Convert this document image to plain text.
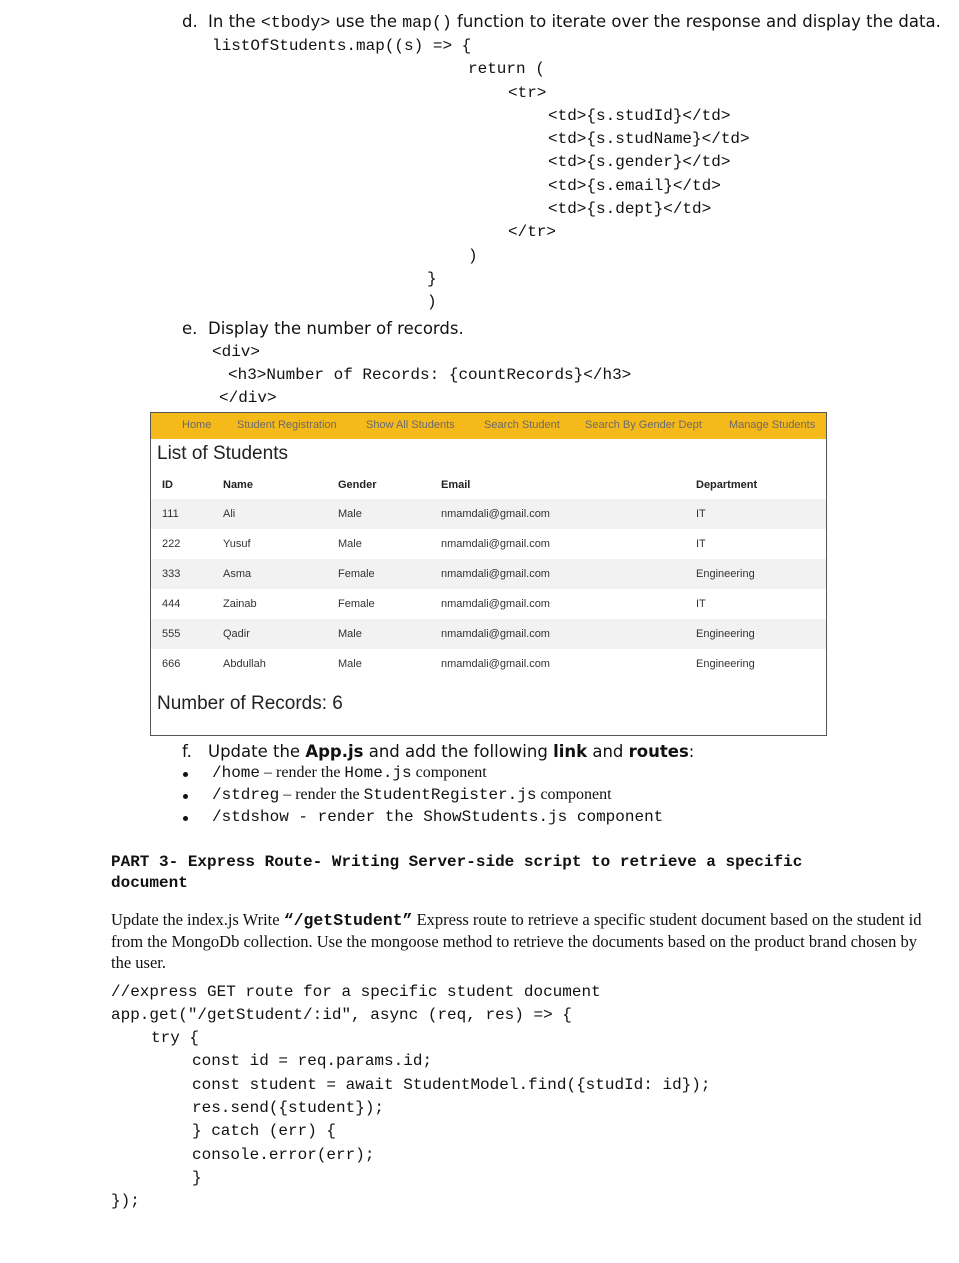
d. In the <tbody> use the map() function to iterate over the response and display the data.
listOfStudents.map((s) => {
return (
<tr>
<td>{s.studId}</td>
<td>{s.studName}</td>
<td>{s.gender}</td>
<td>{s.email}</td>
<td>{s.dept}</td>
</tr>
)
}
)
e. Display the number of records.
<div>
<h3>Number of Records: {countRecords}</h3>
</div>
Home Student Registration	Show All Students	Search Student Search By Gender Dept Manage Students
List of Students
ID	Name	Gender	Email	Department
111	Ali	Male	nmamdali@gmail.com	IT
222	Yusuf	Male	nmamdali@gmail.com	IT
333	Asma	Female	nmamdali@gmail.com	Engineering
444	Zainab	Female	nmamdali@gmail.com	IT
555	Qadir	Male	nmamdali@gmail.com	Engineering
666	Abdullah	Male	nmamdali@gmail.com	Engineering
Number of Records: 6
f. Update the App.js and add the following link and routes:
/home – render the Home.js component
/stdreg – render the StudentRegister.js component
/stdshow - render the ShowStudents.js component
PART 3- Express Route- Writing Server-side script to retrieve a specific
document
Update the index.js Write “/getStudent” Express route to retrieve a specific student document based on the student id from the MongoDb collection. Use the mongoose method to retrieve the documents based on the product brand chosen by the user.
//express GET route for a specific student document
app.get("/getStudent/:id", async (req, res) => {
try {
const id = req.params.id;
const student = await StudentModel.find({studId: id});
res.send({student});
} catch (err) {
console.error(err);
}
});
